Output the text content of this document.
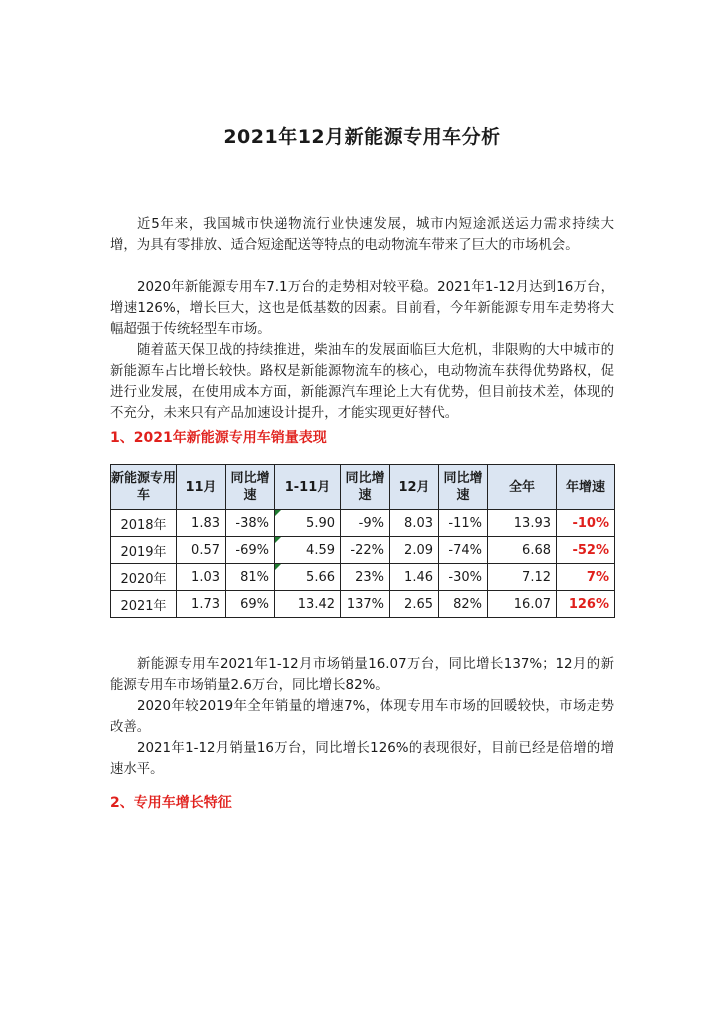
2021年12月新能源专用车分析

近5年来，我国城市快递物流行业快速发展，城市内短途派送运力需求持续大增，为具有零排放、适合短途配送等特点的电动物流车带来了巨大的市场机会。

2020年新能源专用车7.1万台的走势相对较平稳。2021年1-12月达到16万台，增速126%，增长巨大，这也是低基数的因素。目前看，今年新能源专用车走势将大幅超强于传统轻型车市场。

随着蓝天保卫战的持续推进，柴油车的发展面临巨大危机，非限购的大中城市的新能源车占比增长较快。路权是新能源物流车的核心，电动物流车获得优势路权，促进行业发展，在使用成本方面，新能源汽车理论上大有优势，但目前技术差，体现的不充分，未来只有产品加速设计提升，才能实现更好替代。

1、2021年新能源专用车销量表现
新能源专用车	11月	同比增速	1-11月	同比增速	12月	同比增速	全年	年增速
2018年	1.83	-38%	5.90	-9%	8.03	-11%	13.93	-10%
2019年	0.57	-69%	4.59	-22%	2.09	-74%	6.68	-52%
2020年	1.03	81%	5.66	23%	1.46	-30%	7.12	7%
2021年	1.73	69%	13.42	137%	2.65	82%	16.07	126%

新能源专用车2021年1-12月市场销量16.07万台，同比增长137%；12月的新能源专用车市场销量2.6万台，同比增长82%。

2020年较2019年全年销量的增速7%，体现专用车市场的回暖较快，市场走势改善。

2021年1-12月销量16万台，同比增长126%的表现很好，目前已经是倍增的增速水平。

2、专用车增长特征
